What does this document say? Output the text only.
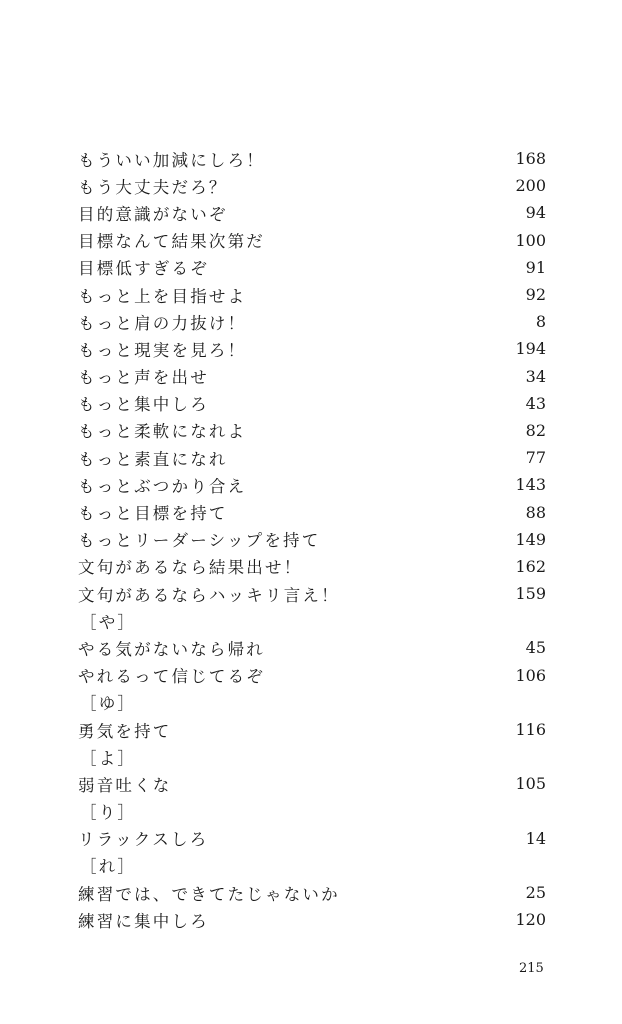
もういい加減にしろ！	168
もう大丈夫だろ？	200
目的意識がないぞ	94
目標なんて結果次第だ	100
目標低すぎるぞ	91
もっと上を目指せよ	92
もっと肩の力抜け！	8
もっと現実を見ろ！	194
もっと声を出せ	34
もっと集中しろ	43
もっと柔軟になれよ	82
もっと素直になれ	77
もっとぶつかり合え	143
もっと目標を持て	88
もっとリーダーシップを持て	149
文句があるなら結果出せ！	162
文句があるならハッキリ言え！	159
［や］
やる気がないなら帰れ	45
やれるって信じてるぞ	106
［ゆ］
勇気を持て	116
［よ］
弱音吐くな	105
［り］
リラックスしろ	14
［れ］
練習では、できてたじゃないか	25
練習に集中しろ	120
215
